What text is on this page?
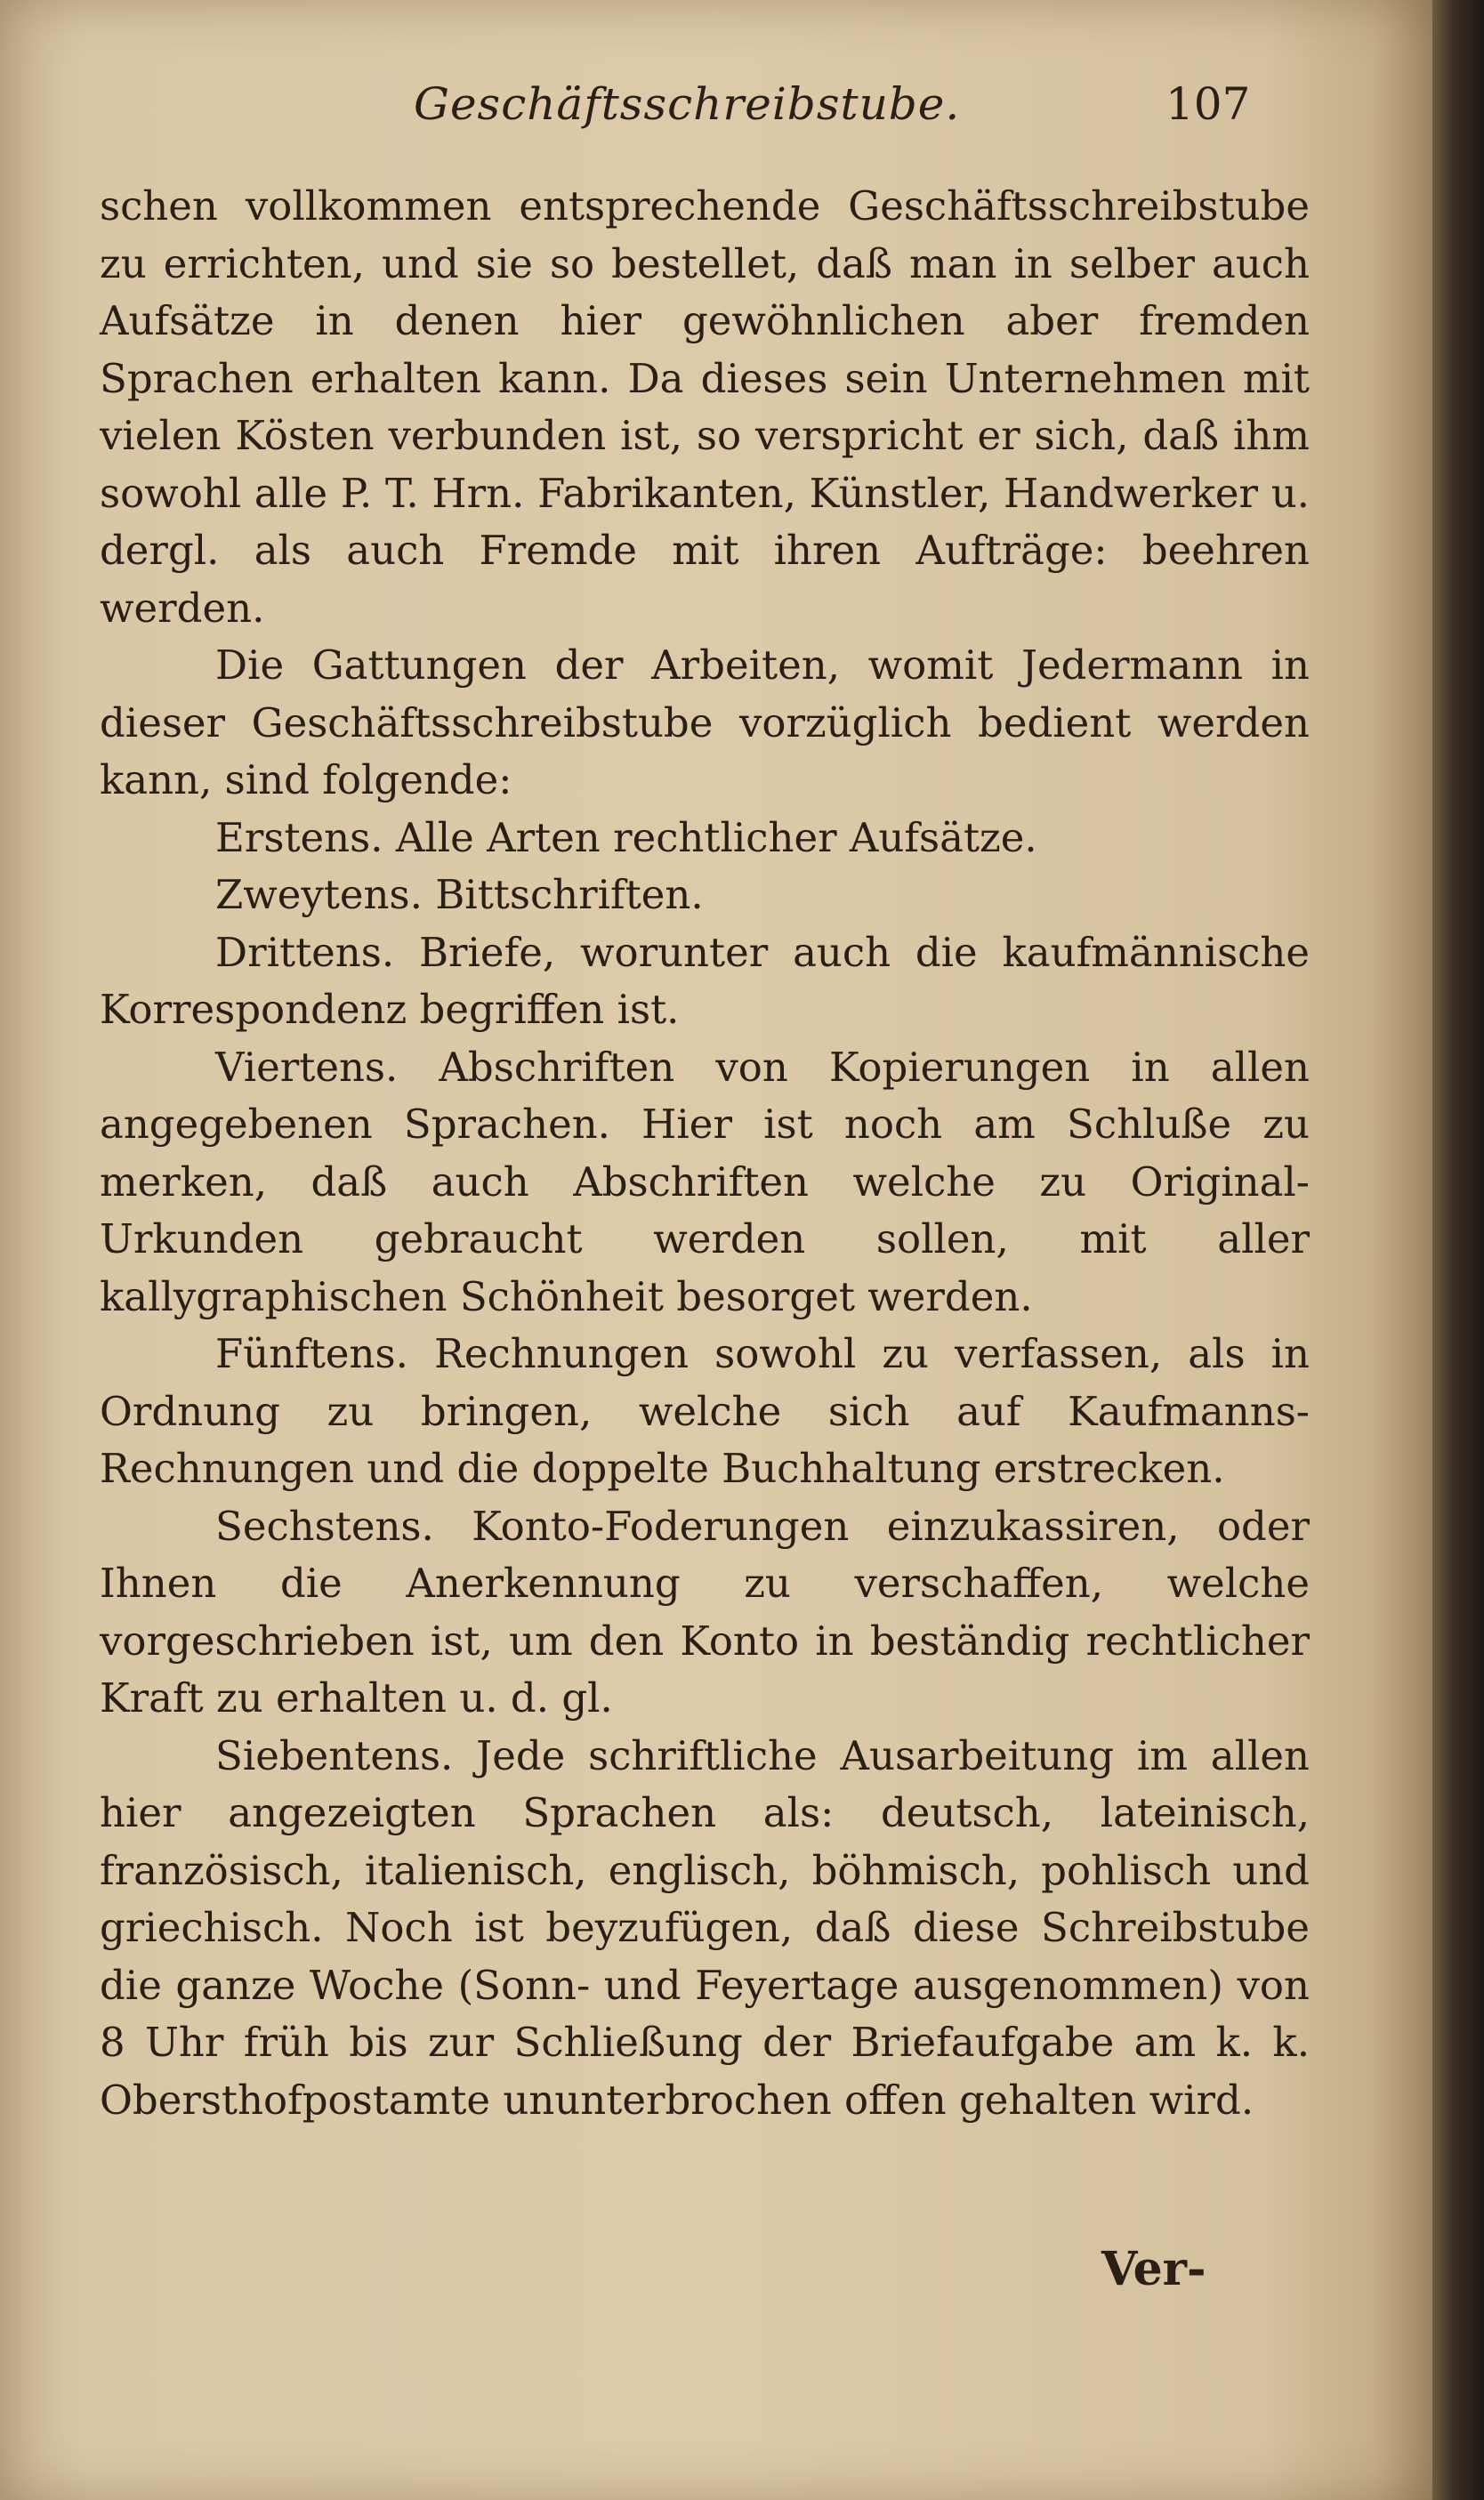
Geschäftsschreibstube.	107

schen vollkommen entsprechende Geschäftsschreibstube zu errichten, und sie so bestellet, daß man in selber auch Aufsätze in denen hier gewöhnlichen aber fremden Sprachen erhalten kann. Da dieses sein Unternehmen mit vielen Kösten verbunden ist, so verspricht er sich, daß ihm sowohl alle P. T. Hrn. Fabrikanten, Künstler, Handwerker u. dergl. als auch Fremde mit ihren Aufträge: beehren werden.

Die Gattungen der Arbeiten, womit Jedermann in dieser Geschäftsschreibstube vorzüglich bedient werden kann, sind folgende:

Erstens. Alle Arten rechtlicher Aufsätze.

Zweytens. Bittschriften.

Drittens. Briefe, worunter auch die kaufmännische Korrespondenz begriffen ist.

Viertens. Abschriften von Kopierungen in allen angegebenen Sprachen. Hier ist noch am Schluße zu merken, daß auch Abschriften welche zu Original-Urkunden gebraucht werden sollen, mit aller kallygraphischen Schönheit besorget werden.

Fünftens. Rechnungen sowohl zu verfassen, als in Ordnung zu bringen, welche sich auf Kaufmanns-Rechnungen und die doppelte Buchhaltung erstrecken.

Sechstens. Konto-Foderungen einzukassiren, oder Ihnen die Anerkennung zu verschaffen, welche vorgeschrieben ist, um den Konto in beständig rechtlicher Kraft zu erhalten u. d. gl.

Siebentens. Jede schriftliche Ausarbeitung im allen hier angezeigten Sprachen als: deutsch, lateinisch, französisch, italienisch, englisch, böhmisch, pohlisch und griechisch. Noch ist beyzufügen, daß diese Schreibstube die ganze Woche (Sonn- und Feyertage ausgenommen) von 8 Uhr früh bis zur Schließung der Briefaufgabe am k. k. Obersthofpostamte ununterbrochen offen gehalten wird.

Ver-
